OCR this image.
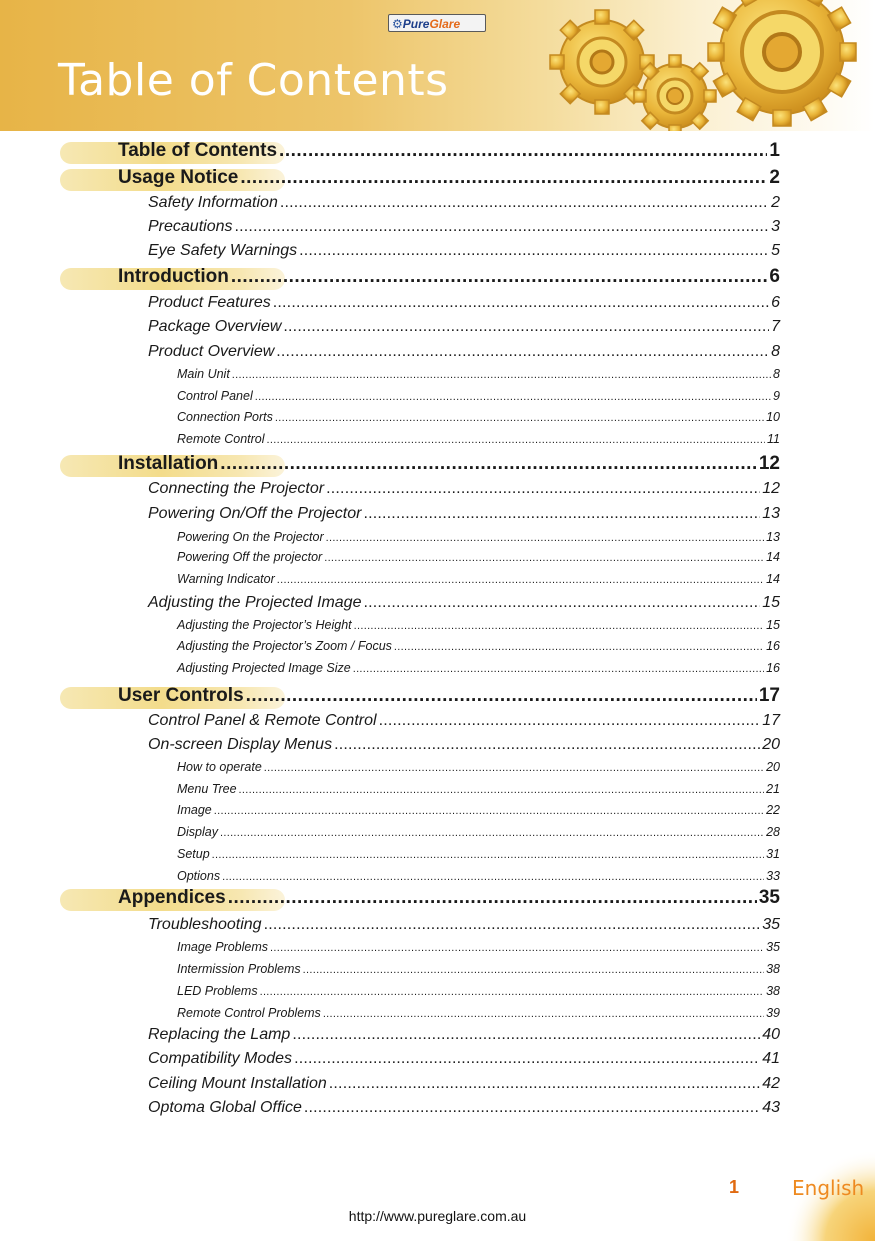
⚙PureGlare
Table of Contents
Table of Contents .....	1
Usage Notice .....	2
Safety Information .....	2
Precautions .....	3
Eye Safety Warnings .....	5
Introduction .....	6
Product Features .....	6
Package Overview .....	7
Product Overview .....	8
Main Unit .....	8
Control Panel .....	9
Connection Ports .....	10
Remote Control .....	11
Installation .....	12
Connecting the Projector .....	12
Powering On/Off the Projector .....	13
Powering On the Projector .....	13
Powering Off the projector .....	14
Warning Indicator .....	14
Adjusting the Projected Image .....	15
Adjusting the Projector’s Height .....	15
Adjusting the Projector’s Zoom / Focus .....	16
Adjusting Projected Image Size .....	16
User Controls .....	17
Control Panel & Remote Control .....	17
On-screen Display Menus .....	20
How to operate .....	20
Menu Tree .....	21
Image .....	22
Display .....	28
Setup .....	31
Options .....	33
Appendices .....	35
Troubleshooting .....	35
Image Problems .....	35
Intermission Problems .....	38
LED Problems .....	38
Remote Control Problems .....	39
Replacing the Lamp .....	40
Compatibility Modes .....	41
Ceiling Mount Installation .....	42
Optoma Global Office .....	43
1	English
http://www.pureglare.com.au
